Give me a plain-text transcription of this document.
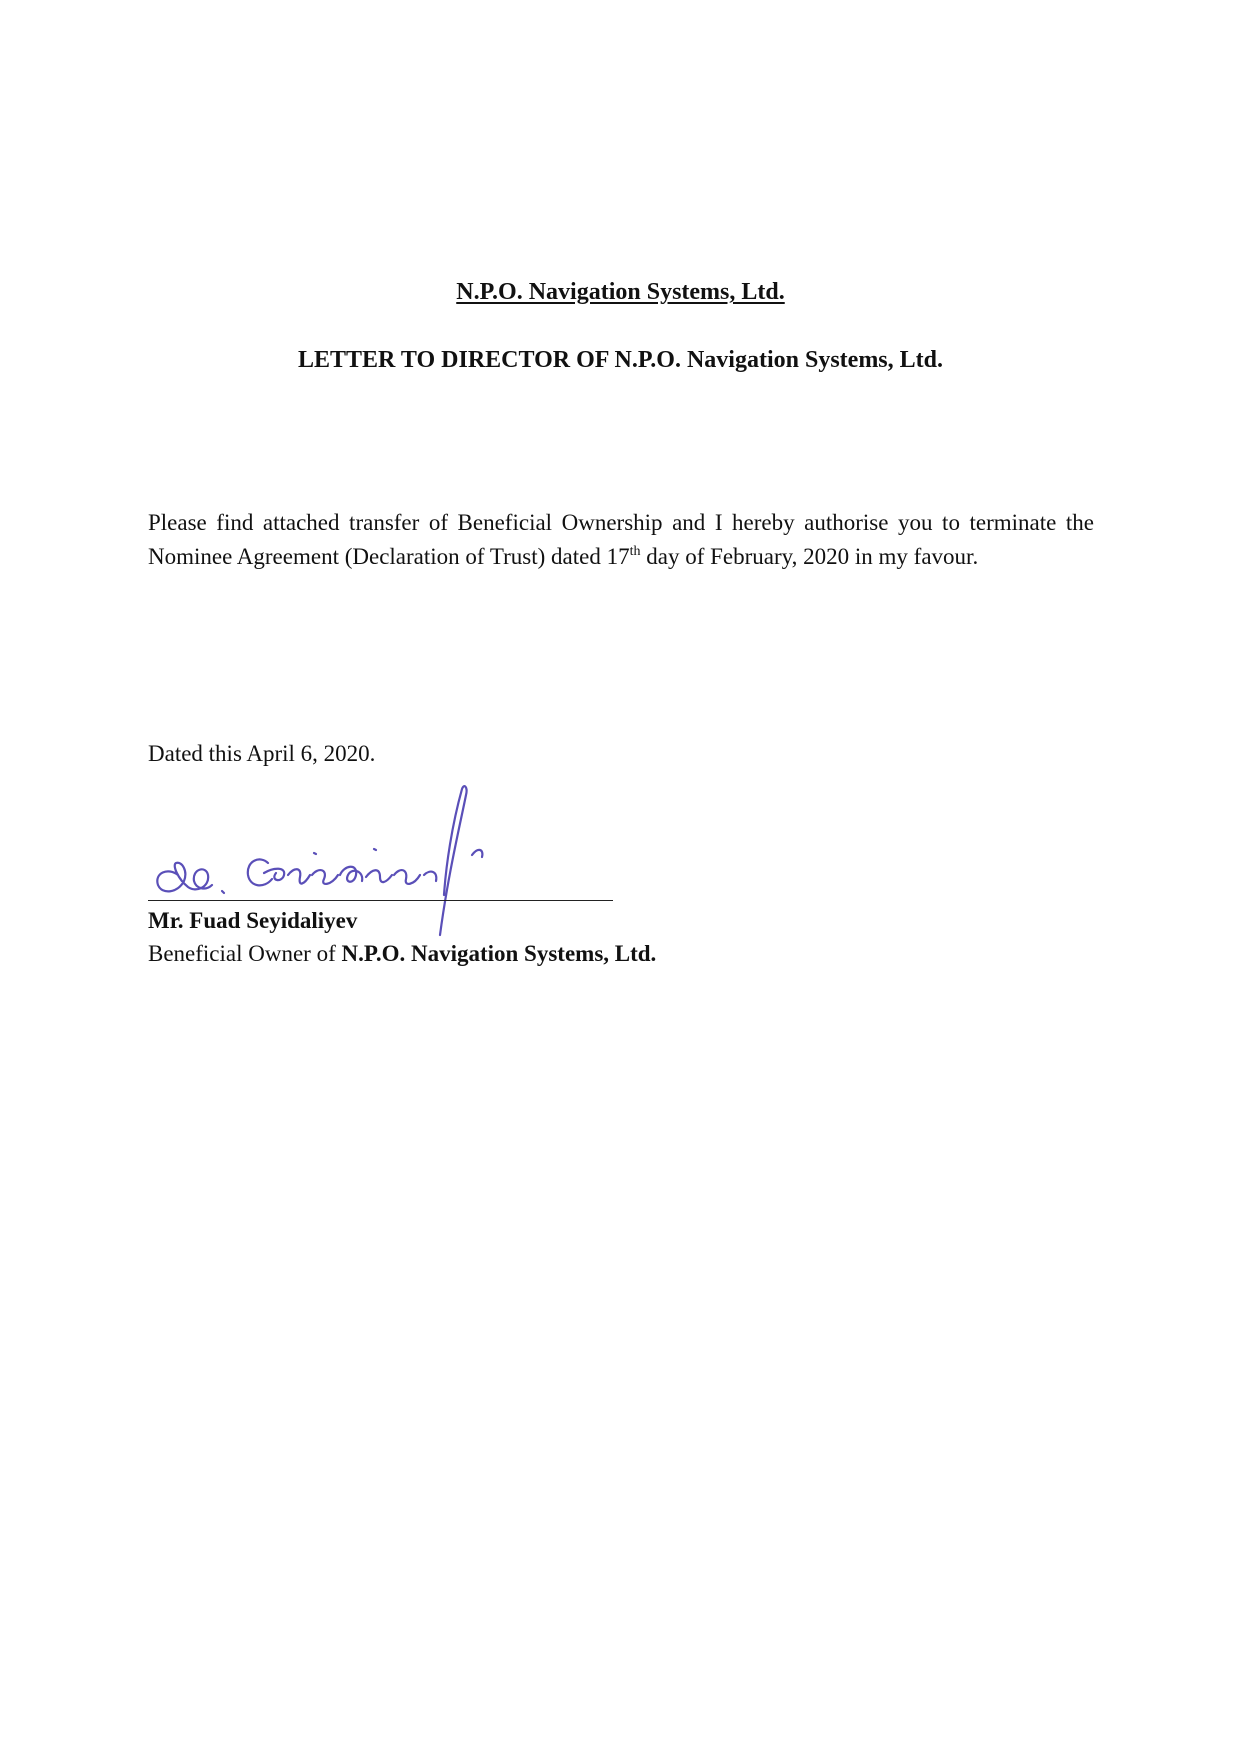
N.P.O. Navigation Systems, Ltd.
LETTER TO DIRECTOR OF N.P.O. Navigation Systems, Ltd.
Please find attached transfer of Beneficial Ownership and I hereby authorise you to terminate the Nominee Agreement (Declaration of Trust) dated 17th day of February, 2020 in my favour.
Dated this April 6, 2020.
Mr. Fuad Seyidaliyev
Beneficial Owner of N.P.O. Navigation Systems, Ltd.
